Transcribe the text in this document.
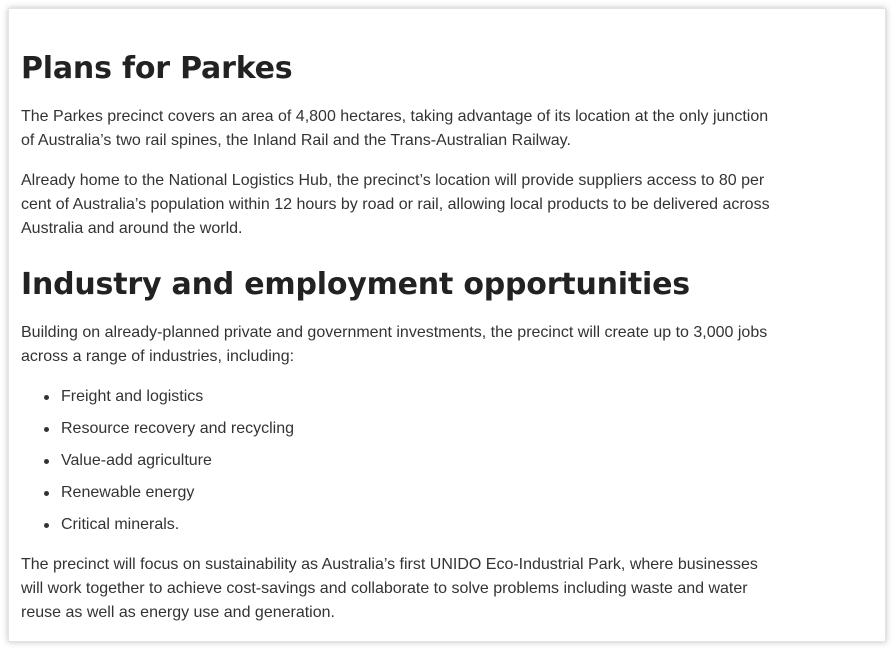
Plans for Parkes

The Parkes precinct covers an area of 4,800 hectares, taking advantage of its location at the only junction of Australia’s two rail spines, the Inland Rail and the Trans-Australian Railway.

Already home to the National Logistics Hub, the precinct’s location will provide suppliers access to 80 per cent of Australia’s population within 12 hours by road or rail, allowing local products to be delivered across Australia and around the world.

Industry and employment opportunities

Building on already-planned private and government investments, the precinct will create up to 3,000 jobs across a range of industries, including:

Freight and logistics
Resource recovery and recycling
Value-add agriculture
Renewable energy
Critical minerals.

The precinct will focus on sustainability as Australia’s first UNIDO Eco-Industrial Park, where businesses will work together to achieve cost-savings and collaborate to solve problems including waste and water reuse as well as energy use and generation.
